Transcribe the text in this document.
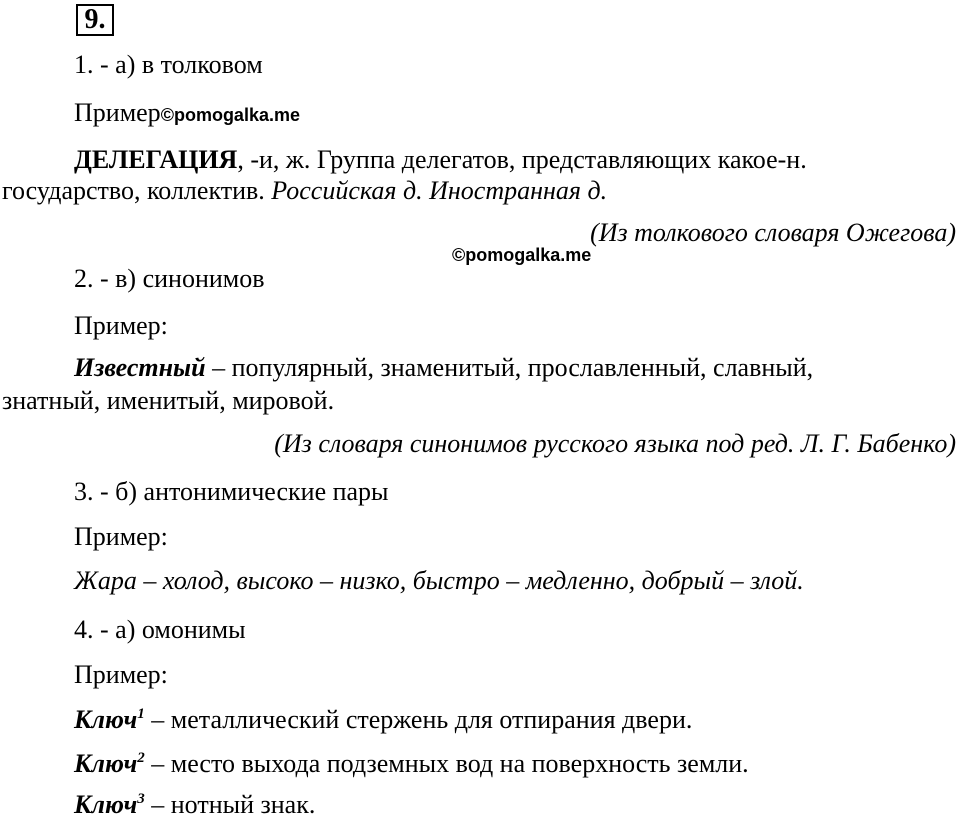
9.
1. - а) в толковом
Пример©pomogalka.me
ДЕЛЕГАЦИЯ, -и, ж. Группа делегатов, представляющих какое-н.
государство, коллектив. Российская д. Иностранная д.
(Из толкового словаря Ожегова)
©pomogalka.me
2. - в) синонимов
Пример:
Известный – популярный, знаменитый, прославленный, славный,
знатный, именитый, мировой.
(Из словаря синонимов русского языка под ред. Л. Г. Бабенко)
3. - б) антонимические пары
Пример:
Жара – холод, высоко – низко, быстро – медленно, добрый – злой.
4. - а) омонимы
Пример:
Ключ$^1$ – металлический стержень для отпирания двери.
Ключ$^2$ – место выхода подземных вод на поверхность земли.
Ключ$^3$ – нотный знак.
